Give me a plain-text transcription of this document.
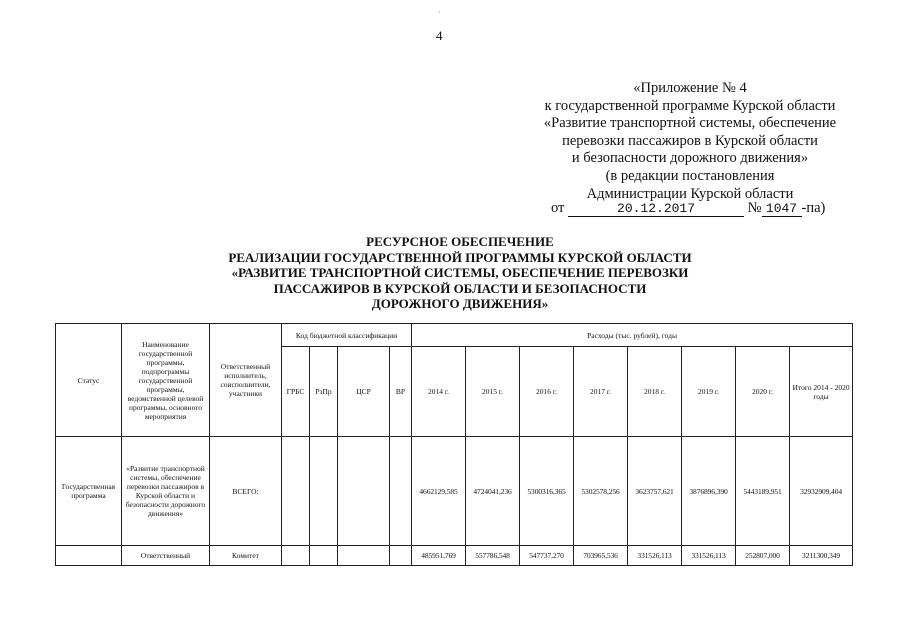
·
4
«Приложение № 4
к государственной программе Курской области
«Развитие транспортной системы, обеспечение
перевозки пассажиров в Курской области
и безопасности дорожного движения»
(в редакции постановления
Администрации Курской области
от	20.12.2017	№ 1047 -па)
РЕСУРСНОЕ ОБЕСПЕЧЕНИЕ
РЕАЛИЗАЦИИ ГОСУДАРСТВЕННОЙ ПРОГРАММЫ КУРСКОЙ ОБЛАСТИ
«РАЗВИТИЕ ТРАНСПОРТНОЙ СИСТЕМЫ, ОБЕСПЕЧЕНИЕ ПЕРЕВОЗКИ
ПАССАЖИРОВ В КУРСКОЙ ОБЛАСТИ И БЕЗОПАСНОСТИ
ДОРОЖНОГО ДВИЖЕНИЯ»
Статус	Наименование государственной программы, подпрограммы государственной программы, ведомственной целевой программы, основного мероприятия	Ответственный исполнитель, соисполнители, участники	Код бюджетной классификации				Расходы (тыс. рублей), годы							
			ГРБС	РзПр	ЦСР	ВР	2014 г.	2015 г.	2016 г.	2017 г.	2018 г.	2019 г.	2020 г.	Итого 2014 - 2020 годы
Государственная программа	«Развитие транспортной системы, обеспечение перевозки пассажиров в Курской области и безопасности дорожного движения»	ВСЕГО:					4662129,585	4724041,236	5300316,365	5302578,256	3623757,621	3876896,390	5443189,951	32932909,404
	Ответственный	Комитет					485951,769	557786,548	547737,270	703965,536	331526,113	331526,113	252807,000	3211300,349
